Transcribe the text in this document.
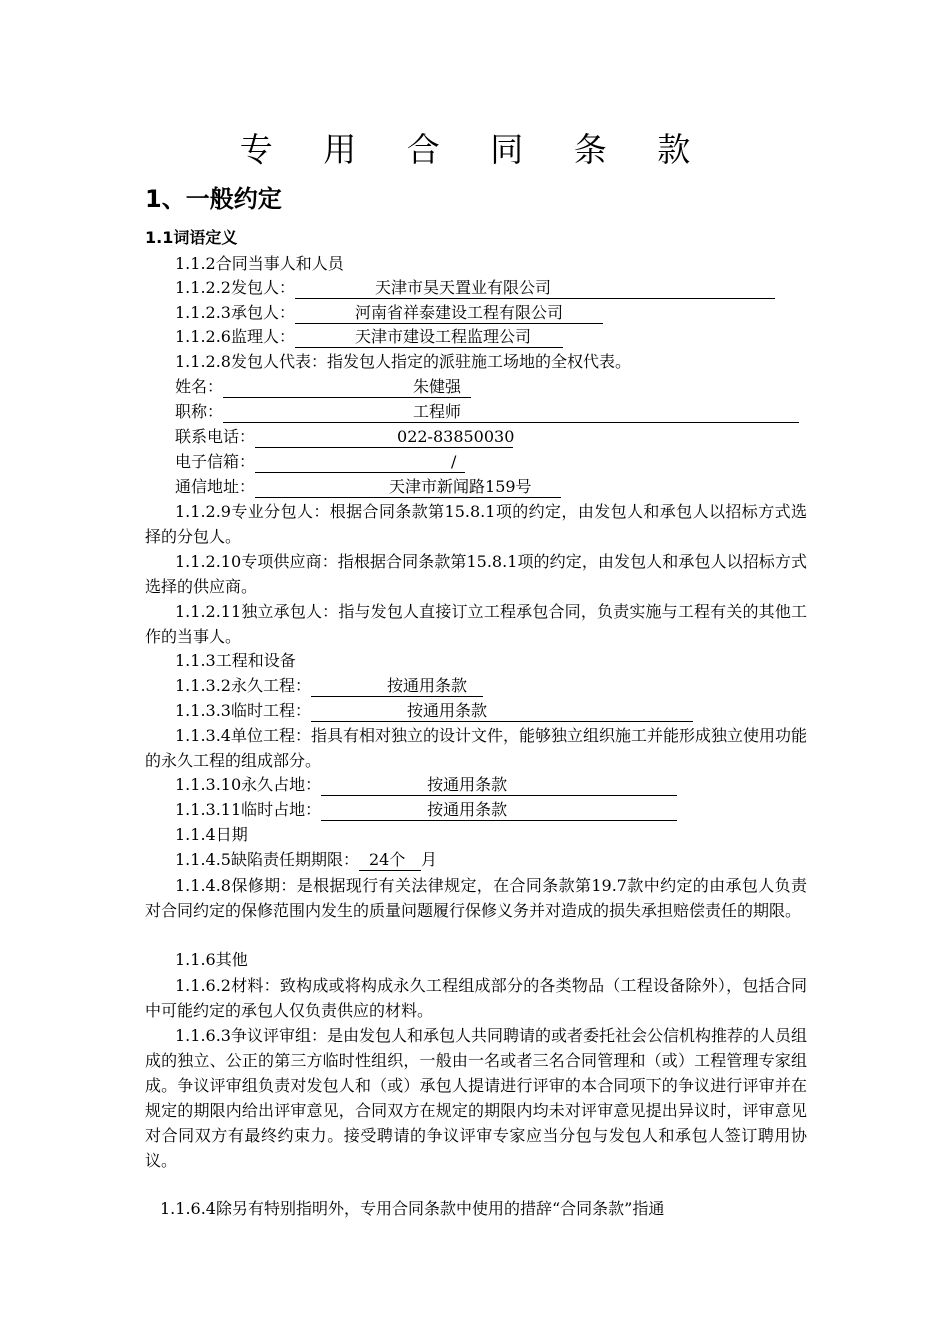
专 用 合 同 条 款
1、一般约定
1.1词语定义
1.1.2合同当事人和人员
1.1.2.2发包人：	天津市昊天置业有限公司
1.1.2.3承包人：	河南省祥泰建设工程有限公司
1.1.2.6监理人：	天津市建设工程监理公司
1.1.2.8发包人代表：指发包人指定的派驻施工场地的全权代表。
姓名：	朱健强
职称：	工程师
联系电话：	022-83850030
电子信箱：	/
通信地址：	天津市新闻路159号
1.1.2.9专业分包人：根据合同条款第15.8.1项的约定，由发包人和承包人以招标方式选择的分包人。
1.1.2.10专项供应商：指根据合同条款第15.8.1项的约定，由发包人和承包人以招标方式选择的供应商。
1.1.2.11独立承包人：指与发包人直接订立工程承包合同，负责实施与工程有关的其他工作的当事人。
1.1.3工程和设备
1.1.3.2永久工程：	按通用条款
1.1.3.3临时工程：	按通用条款
1.1.3.4单位工程：指具有相对独立的设计文件，能够独立组织施工并能形成独立使用功能的永久工程的组成部分。
1.1.3.10永久占地：	按通用条款
1.1.3.11临时占地：	按通用条款
1.1.4日期
1.1.4.5缺陷责任期期限： 24个 月
1.1.4.8保修期：是根据现行有关法律规定，在合同条款第19.7款中约定的由承包人负责对合同约定的保修范围内发生的质量问题履行保修义务并对造成的损失承担赔偿责任的期限。
1.1.6其他
1.1.6.2材料：致构成或将构成永久工程组成部分的各类物品（工程设备除外），包括合同中可能约定的承包人仅负责供应的材料。
1.1.6.3争议评审组：是由发包人和承包人共同聘请的或者委托社会公信机构推荐的人员组成的独立、公正的第三方临时性组织，一般由一名或者三名合同管理和（或）工程管理专家组成。争议评审组负责对发包人和（或）承包人提请进行评审的本合同项下的争议进行评审并在规定的期限内给出评审意见，合同双方在规定的期限内均未对评审意见提出异议时，评审意见对合同双方有最终约束力。接受聘请的争议评审专家应当分包与发包人和承包人签订聘用协议。
1.1.6.4除另有特别指明外，专用合同条款中使用的措辞“合同条款”指通
